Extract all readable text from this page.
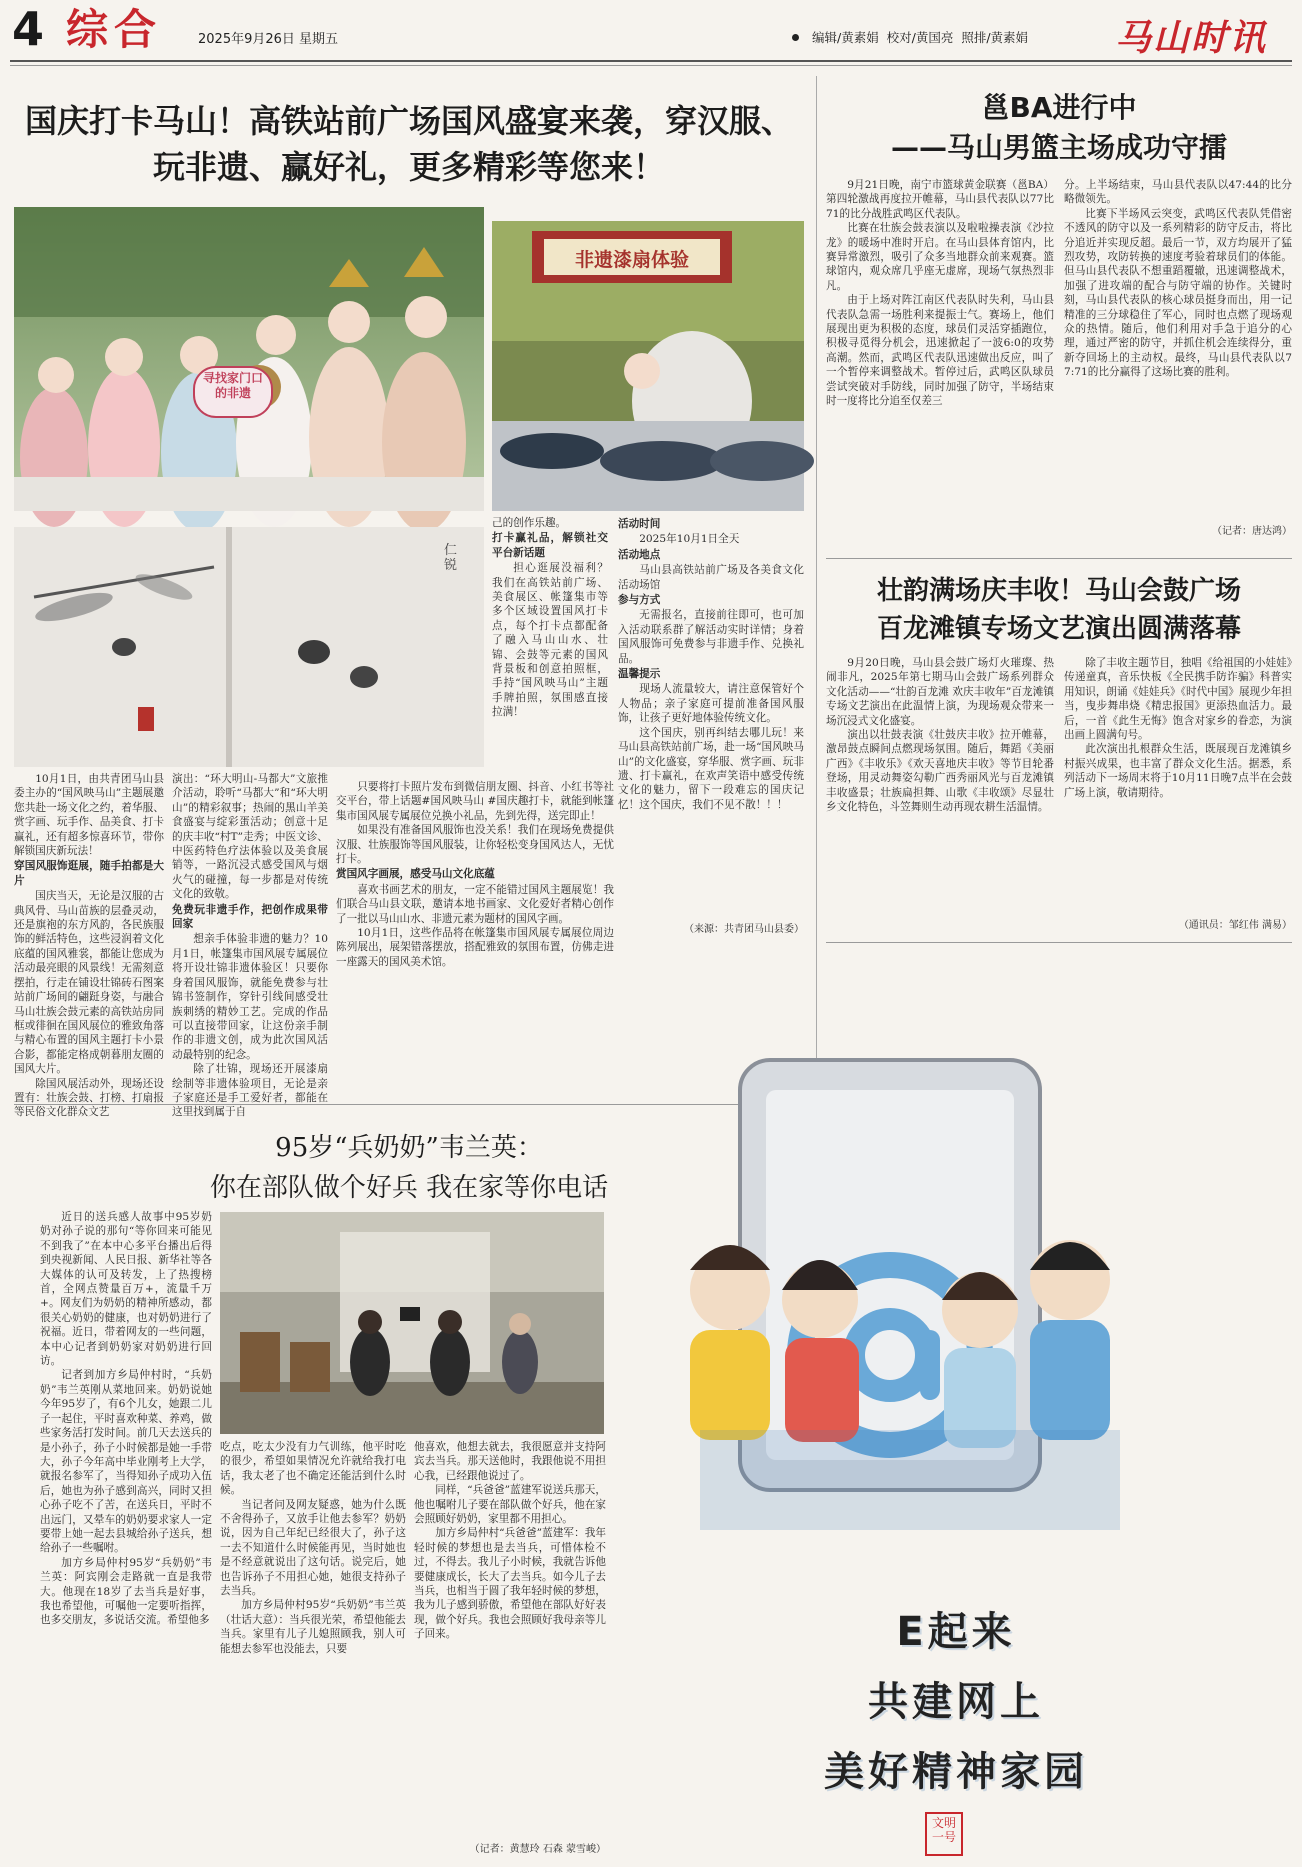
4 综合	2025年9月26日 星期五	编辑/黄素娟  校对/黄国亮  照排/黄素娟 马山时讯
国庆打卡马山！高铁站前广场国风盛宴来袭，穿汉服、
玩非遗、赢好礼，更多精彩等您来！
寻找家门口的非遗
非遗漆扇体验
仁锐

10月1日，由共青团马山县委主办的“国风映马山”主题展邀您共赴一场文化之约，着华服、赏字画、玩手作、品美食、打卡赢礼，还有超多惊喜环节，带你解锁国庆新玩法！

穿国风服饰逛展，随手拍都是大片

国庆当天，无论是汉服的古典风骨、马山苗族的层叠灵动，还是旗袍的东方风韵，各民族服饰的鲜活特色，这些浸润着文化底蕴的国风雅裳，都能让您成为活动最亮眼的风景线！无需刻意摆拍，行走在铺设壮锦砖石图案站前广场间的翩跹身姿，与融合马山壮族会鼓元素的高铁站房同框或徘徊在国风展位的雅致角落与精心布置的国风主题打卡小景合影，都能定格成朝暮朋友圈的国风大片。

除国风展活动外，现场还设置有：壮族会鼓、打榜、打扇报等民俗文化群众文艺

演出：“环大明山-马都大”文旅推介活动，聆听“马都大”和“环大明山”的精彩叙事；热闹的黑山羊美食盛宴与绽彩蛋活动；创意十足的庆丰收“村T”走秀；中医文诊、中医药特色疗法体验以及美食展销等，一路沉浸式感受国风与烟火气的碰撞，每一步都是对传统文化的致敬。

免费玩非遗手作，把创作成果带回家

想亲手体验非遗的魅力？10月1日，帐篷集市国风展专属展位将开设壮锦非遗体验区！只要你身着国风服饰，就能免费参与壮锦书签制作，穿针引线间感受壮族刺绣的精妙工艺。完成的作品可以直接带回家，让这份亲手制作的非遗文创，成为此次国风活动最特别的纪念。

除了壮锦，现场还开展漆扇绘制等非遗体验项目，无论是亲子家庭还是手工爱好者，都能在这里找到属于自

己的创作乐趣。

打卡赢礼品，解锁社交平台新话题

担心逛展没福利？我们在高铁站前广场、美食展区、帐篷集市等多个区域设置国风打卡点，每个打卡点都配备了融入马山山水、壮锦、会鼓等元素的国风背景板和创意拍照框，手持“国风映马山”主题手牌拍照，氛围感直接拉满！

只要将打卡照片发布到微信朋友圈、抖音、小红书等社交平台，带上话题#国风映马山 #国庆趣打卡，就能到帐篷集市国风展专属展位兑换小礼品，先到先得，送完即止！

如果没有准备国风服饰也没关系！我们在现场免费提供汉服、壮族服饰等国风服装，让你轻松变身国风达人，无忧打卡。

赏国风字画展，感受马山文化底蕴

喜欢书画艺术的朋友，一定不能错过国风主题展览！我们联合马山县文联，邀请本地书画家、文化爱好者精心创作了一批以马山山水、非遗元素为题材的国风字画。

10月1日，这些作品将在帐篷集市国风展专属展位周边陈列展出，展架错落摆放，搭配雅致的氛围布置，仿佛走进一座露天的国风美术馆。

活动时间

2025年10月1日全天

活动地点

马山县高铁站前广场及各美食文化活动场馆

参与方式

无需报名，直接前往即可，也可加入活动联系群了解活动实时详情；身着国风服饰可免费参与非遗手作、兑换礼品。

温馨提示

现场人流量较大，请注意保管好个人物品；亲子家庭可提前准备国风服饰，让孩子更好地体验传统文化。

这个国庆，别再纠结去哪儿玩！来马山县高铁站前广场，赴一场“国风映马山”的文化盛宴，穿华服、赏字画、玩非遗、打卡赢礼，在欢声笑语中感受传统文化的魅力，留下一段难忘的国庆记忆！这个国庆，我们不见不散！！！

（来源：共青团马山县委）
邕BA进行中
——马山男篮主场成功守擂

9月21日晚，南宁市篮球黄金联赛（邕BA）第四轮激战再度拉开帷幕，马山县代表队以77比71的比分战胜武鸣区代表队。

比赛在壮族会鼓表演以及啦啦操表演《沙拉龙》的暖场中准时开启。在马山县体育馆内，比赛异常激烈，吸引了众多当地群众前来观赛。篮球馆内，观众席几乎座无虚席，现场气氛热烈非凡。

由于上场对阵江南区代表队时失利，马山县代表队急需一场胜利来提振士气。赛场上，他们展现出更为积极的态度，球员们灵活穿插跑位，积极寻觅得分机会，迅速掀起了一波6:0的攻势高潮。然而，武鸣区代表队迅速做出反应，叫了一个暂停来调整战术。暂停过后，武鸣区队球员尝试突破对手防线，同时加强了防守，半场结束时一度将比分追至仅差三

分。上半场结束，马山县代表队以47:44的比分略微领先。

比赛下半场风云突变，武鸣区代表队凭借密不透风的防守以及一系列精彩的防守反击，将比分追近并实现反超。最后一节，双方均展开了猛烈攻势，攻防转换的速度考验着球员们的体能。但马山县代表队不想重蹈覆辙，迅速调整战术，加强了进攻端的配合与防守端的协作。关键时刻，马山县代表队的核心球员挺身而出，用一记精准的三分球稳住了军心，同时也点燃了现场观众的热情。随后，他们利用对手急于追分的心理，通过严密的防守，并抓住机会连续得分，重新夺回场上的主动权。最终，马山县代表队以77:71的比分赢得了这场比赛的胜利。

（记者：唐达鸿）
壮韵满场庆丰收！马山会鼓广场
百龙滩镇专场文艺演出圆满落幕

9月20日晚，马山县会鼓广场灯火璀璨、热闹非凡，2025年第七期马山会鼓广场系列群众文化活动——“壮韵百龙滩 欢庆丰收年”百龙滩镇专场文艺演出在此温情上演，为现场观众带来一场沉浸式文化盛宴。

演出以壮鼓表演《壮鼓庆丰收》拉开帷幕，激昂鼓点瞬间点燃现场氛围。随后，舞蹈《美丽广西》《丰收乐》《欢天喜地庆丰收》等节目轮番登场，用灵动舞姿勾勒广西秀丽风光与百龙滩镇丰收盛景；壮族扁担舞、山歌《丰收颂》尽显壮乡文化特色，斗笠舞则生动再现农耕生活温情。

除了丰收主题节目，独唱《给祖国的小娃娃》传递童真，音乐快板《全民携手防诈骗》科普实用知识，朗诵《娃娃兵》《时代中国》展现少年担当，曳步舞串烧《精忠报国》更添热血活力。最后，一首《此生无悔》饱含对家乡的眷恋，为演出画上圆满句号。

此次演出扎根群众生活，既展现百龙滩镇乡村振兴成果，也丰富了群众文化生活。据悉，系列活动下一场周末将于10月11日晚7点半在会鼓广场上演，敬请期待。

（通讯员：邹红伟 满易）
95岁“兵奶奶”韦兰英：
你在部队做个好兵 我在家等你电话

近日的送兵感人故事中95岁奶奶对孙子说的那句“等你回来可能见不到我了”在本中心多平台播出后得到央视新闻、人民日报、新华社等各大媒体的认可及转发，上了热搜榜首，全网点赞量百万+，流量千万+。网友们为奶奶的精神所感动，都很关心奶奶的健康，也对奶奶进行了祝福。近日，带着网友的一些问题，本中心记者到奶奶家对奶奶进行回访。

记者到加方乡局仲村时，“兵奶奶”韦兰英刚从菜地回来。奶奶说她今年95岁了，有6个儿女，她跟二儿子一起住，平时喜欢种菜、养鸡，做些家务活打发时间。前几天去送兵的是小孙子，孙子小时候都是她一手带大，孙子今年高中毕业刚考上大学，就报名参军了，当得知孙子成功入伍后，她也为孙子感到高兴，同时又担心孙子吃不了苦，在送兵日，平时不出远门，又晕车的奶奶要求家人一定要带上她一起去县城给孙子送兵，想给孙子一些嘱咐。

加方乡局仲村95岁“兵奶奶”韦兰英：阿宾刚会走路就一直是我带大。他现在18岁了去当兵是好事，我也希望他，可嘱他一定要听指挥，也多交朋友，多说话交流。希望他多

吃点，吃太少没有力气训练，他平时吃的很少，希望如果情况允许就给我打电话，我太老了也不确定还能活到什么时候。

当记者问及网友疑惑，她为什么既不舍得孙子，又放手让他去参军？奶奶说，因为自己年纪已经很大了，孙子这一去不知道什么时候能再见，当时她也是不经意就说出了这句话。说完后，她也告诉孙子不用担心她，她很支持孙子去当兵。

加方乡局仲村95岁“兵奶奶”韦兰英（壮话大意）：当兵很光荣，希望他能去当兵。家里有儿子儿媳照顾我，别人可能想去参军也没能去，只要

他喜欢，他想去就去，我很愿意并支持阿宾去当兵。那天送他时，我跟他说不用担心我，已经跟他说过了。

同样，“兵爸爸”蓝建军说送兵那天，他也嘱咐儿子要在部队做个好兵，他在家会照顾好奶奶，家里都不用担心。

加方乡局仲村“兵爸爸”蓝建军：我年轻时候的梦想也是去当兵，可惜体检不过，不得去。我儿子小时候，我就告诉他要健康成长，长大了去当兵。如今儿子去当兵，也相当于圆了我年轻时候的梦想，我为儿子感到骄傲，希望他在部队好好表现，做个好兵。我也会照顾好我母亲等儿子回来。

（记者：黄慧玲 石森 蒙雪峻）
E起来
共建网上
美好精神家园
文明一号
